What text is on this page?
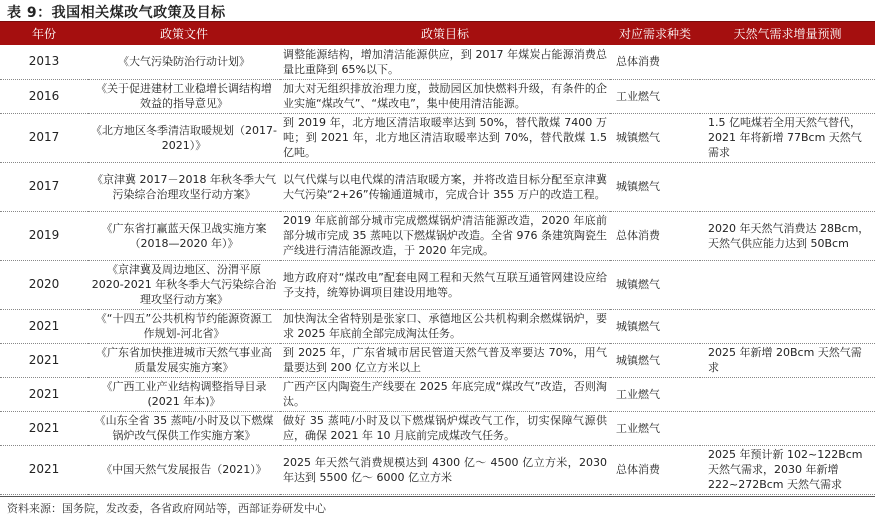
表 9：我国相关煤改气政策及目标
年份	政策文件	政策目标	对应需求种类	天然气需求增量预测
2013	《大气污染防治行动计划》	调整能源结构，增加清洁能源供应，到 2017 年煤炭占能源消费总量比重降到 65%以下。	总体消费	
2016	《关于促进建材工业稳增长调结构增效益的指导意见》	加大对无组织排放治理力度，鼓励园区加快燃料升级，有条件的企业实施“煤改气”、“煤改电”，集中使用清洁能源。	工业燃气	
2017	《北方地区冬季清洁取暖规划（2017-2021）》	到 2019 年，北方地区清洁取暖率达到 50%，替代散煤 7400 万吨；到 2021 年，北方地区清洁取暖率达到 70%，替代散煤 1.5 亿吨。	城镇燃气	1.5 亿吨煤若全用天然气替代，2021 年将新增 77Bcm 天然气需求
2017	《京津冀 2017－2018 年秋冬季大气污染综合治理攻坚行动方案》	以气代煤与以电代煤的清洁取暖方案，并将改造目标分配至京津冀大气污染“2+26”传输通道城市，完成合计 355 万户的改造工程。	城镇燃气	
2019	《广东省打赢蓝天保卫战实施方案（2018—2020 年）》	2019 年底前部分城市完成燃煤锅炉清洁能源改造，2020 年底前部分城市完成 35 蒸吨以下燃煤锅炉改造。全省 976 条建筑陶瓷生产线进行清洁能源改造，于 2020 年完成。	总体消费	2020 年天然气消费达 28Bcm，天然气供应能力达到 50Bcm
2020	《京津冀及周边地区、汾渭平原 2020-2021 年秋冬季大气污染综合治理攻坚行动方案》	地方政府对“煤改电”配套电网工程和天然气互联互通管网建设应给予支持，统筹协调项目建设用地等。	城镇燃气	
2021	《“十四五”公共机构节约能源资源工作规划-河北省》	加快淘汰全省特别是张家口、承德地区公共机构剩余燃煤锅炉，要求 2025 年底前全部完成淘汰任务。	城镇燃气	
2021	《广东省加快推进城市天然气事业高质量发展实施方案》	到 2025 年，广东省城市居民管道天然气普及率要达 70%，用气量要达到 200 亿立方米以上	城镇燃气	2025 年新增 20Bcm 天然气需求
2021	《广西工业产业结构调整指导目录(2021 年本)》	广西产区内陶瓷生产线要在 2025 年底完成“煤改气”改造，否则淘汰。	工业燃气	
2021	《山东全省 35 蒸吨/小时及以下燃煤锅炉改气保供工作实施方案》	做好 35 蒸吨/小时及以下燃煤锅炉煤改气工作，切实保障气源供应，确保 2021 年 10 月底前完成煤改气任务。	工业燃气	
2021	《中国天然气发展报告（2021）》	2025 年天然气消费规模达到 4300 亿～ 4500 亿立方米，2030 年达到 5500 亿～ 6000 亿立方米	总体消费	2025 年预计新 102~122Bcm 天然气需求，2030 年新增 222~272Bcm 天然气需求
资料来源：国务院，发改委，各省政府网站等，西部证券研发中心
